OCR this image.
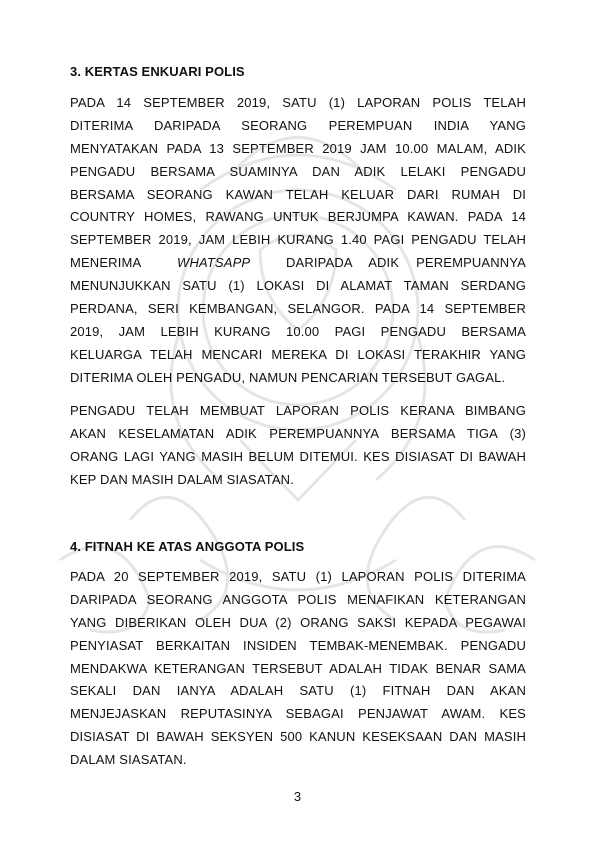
3. KERTAS ENKUARI POLIS
PADA 14 SEPTEMBER 2019, SATU (1) LAPORAN POLIS TELAH
DITERIMA DARIPADA SEORANG PEREMPUAN INDIA YANG
MENYATAKAN PADA 13 SEPTEMBER 2019 JAM 10.00 MALAM, ADIK
PENGADU BERSAMA SUAMINYA DAN ADIK LELAKI PENGADU
BERSAMA SEORANG KAWAN TELAH KELUAR DARI RUMAH DI
COUNTRY HOMES, RAWANG UNTUK BERJUMPA KAWAN. PADA 14
SEPTEMBER 2019, JAM LEBIH KURANG 1.40 PAGI PENGADU TELAH
MENERIMA	WHATSAPP	DARIPADA ADIK PEREMPUANNYA
MENUNJUKKAN SATU (1) LOKASI DI ALAMAT TAMAN SERDANG
PERDANA, SERI KEMBANGAN, SELANGOR. PADA 14 SEPTEMBER
2019, JAM LEBIH KURANG 10.00 PAGI PENGADU BERSAMA
KELUARGA TELAH MENCARI MEREKA DI LOKASI TERAKHIR YANG
DITERIMA OLEH PENGADU, NAMUN PENCARIAN TERSEBUT GAGAL.
PENGADU TELAH MEMBUAT LAPORAN POLIS KERANA BIMBANG
AKAN KESELAMATAN ADIK PEREMPUANNYA BERSAMA TIGA (3)
ORANG LAGI YANG MASIH BELUM DITEMUI. KES DISIASAT DI BAWAH
KEP DAN MASIH DALAM SIASATAN.
4. FITNAH KE ATAS ANGGOTA POLIS
PADA 20 SEPTEMBER 2019, SATU (1) LAPORAN POLIS DITERIMA
DARIPADA SEORANG ANGGOTA POLIS MENAFIKAN KETERANGAN
YANG DIBERIKAN OLEH DUA (2) ORANG SAKSI KEPADA PEGAWAI
PENYIASAT BERKAITAN INSIDEN TEMBAK-MENEMBAK. PENGADU
MENDAKWA KETERANGAN TERSEBUT ADALAH TIDAK BENAR SAMA
SEKALI DAN IANYA ADALAH SATU (1) FITNAH DAN AKAN
MENJEJASKAN REPUTASINYA SEBAGAI PENJAWAT AWAM. KES
DISIASAT DI BAWAH SEKSYEN 500 KANUN KESEKSAAN DAN MASIH
DALAM SIASATAN.
3
